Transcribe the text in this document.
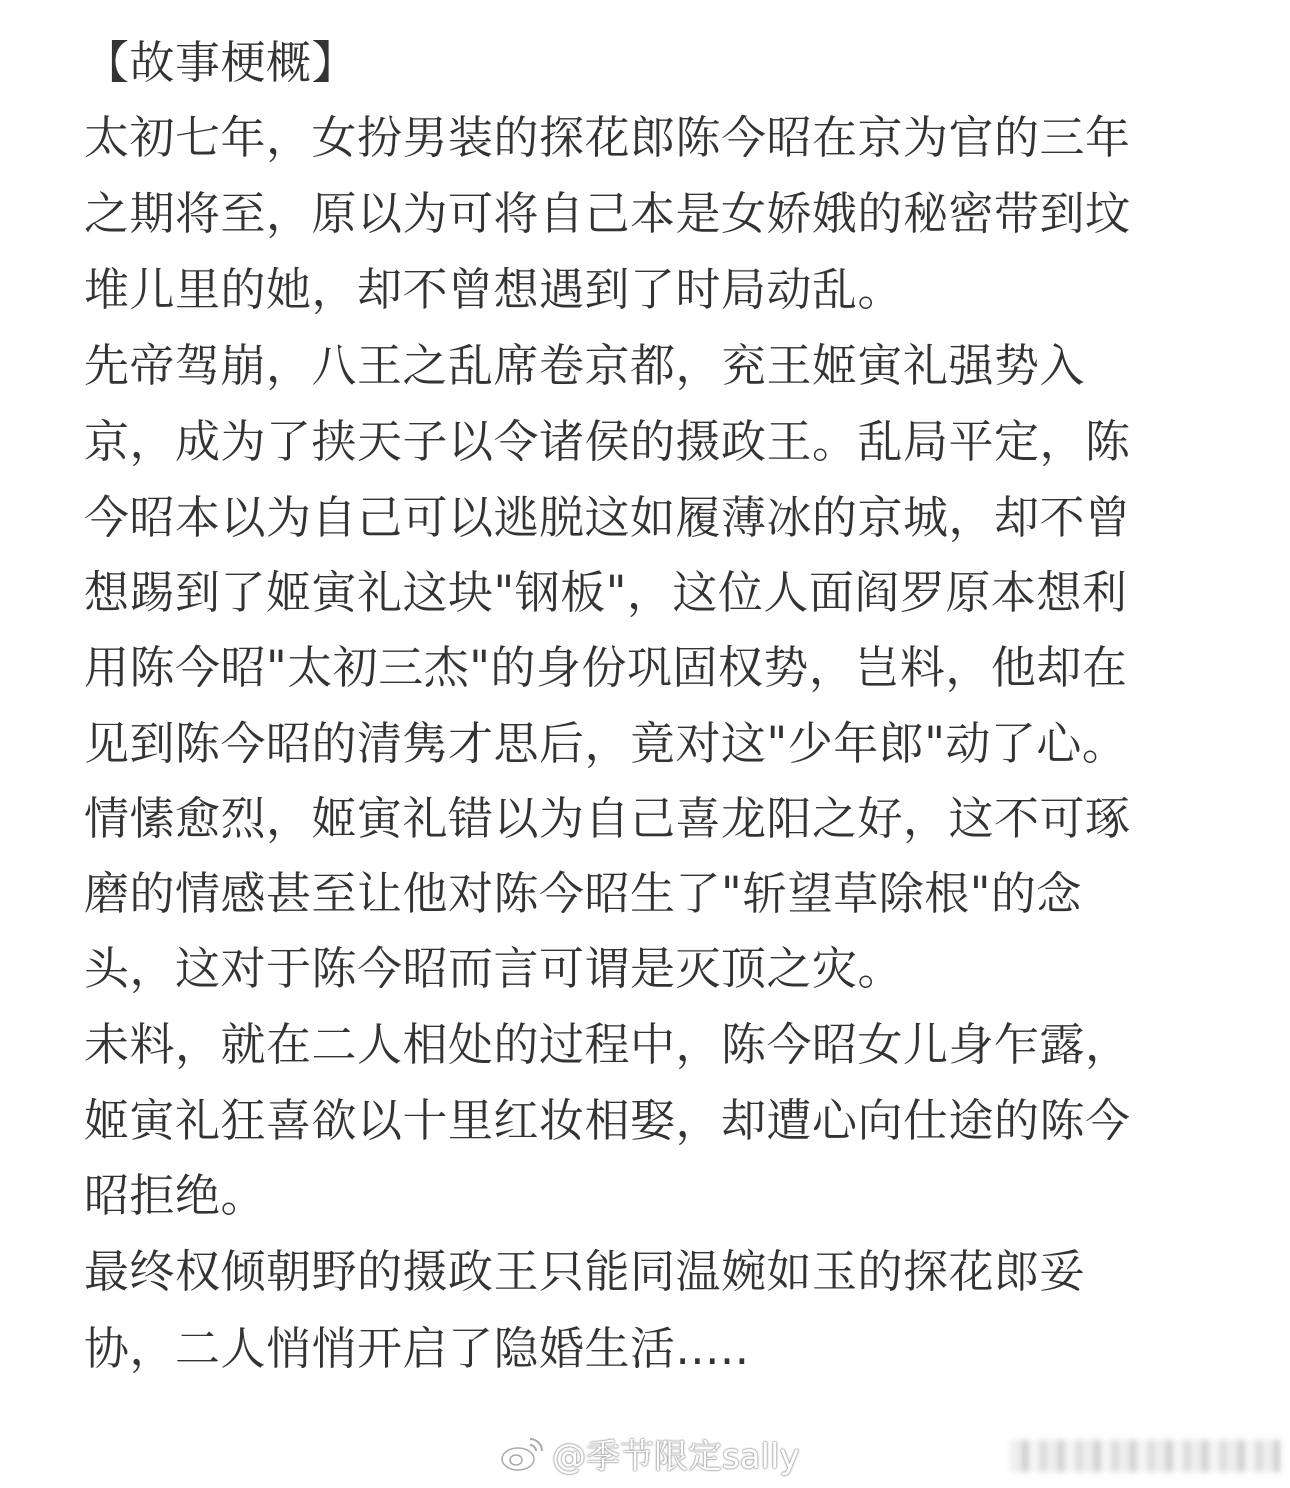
【故事梗概】
太初七年，女扮男装的探花郎陈今昭在京为官的三年
之期将至，原以为可将自己本是女娇娥的秘密带到坟
堆儿里的她，却不曾想遇到了时局动乱。
先帝驾崩，八王之乱席卷京都，兖王姬寅礼强势入
京，成为了挟天子以令诸侯的摄政王。乱局平定，陈
今昭本以为自己可以逃脱这如履薄冰的京城，却不曾
想踢到了姬寅礼这块"钢板"，这位人面阎罗原本想利
用陈今昭"太初三杰"的身份巩固权势，岂料，他却在
见到陈今昭的清隽才思后，竟对这"少年郎"动了心。
情愫愈烈，姬寅礼错以为自己喜龙阳之好，这不可琢
磨的情感甚至让他对陈今昭生了"斩望草除根"的念
头，这对于陈今昭而言可谓是灭顶之灾。
未料，就在二人相处的过程中，陈今昭女儿身乍露，
姬寅礼狂喜欲以十里红妆相娶，却遭心向仕途的陈今
昭拒绝。
最终权倾朝野的摄政王只能同温婉如玉的探花郎妥
协，二人悄悄开启了隐婚生活.....
@季节限定sally
